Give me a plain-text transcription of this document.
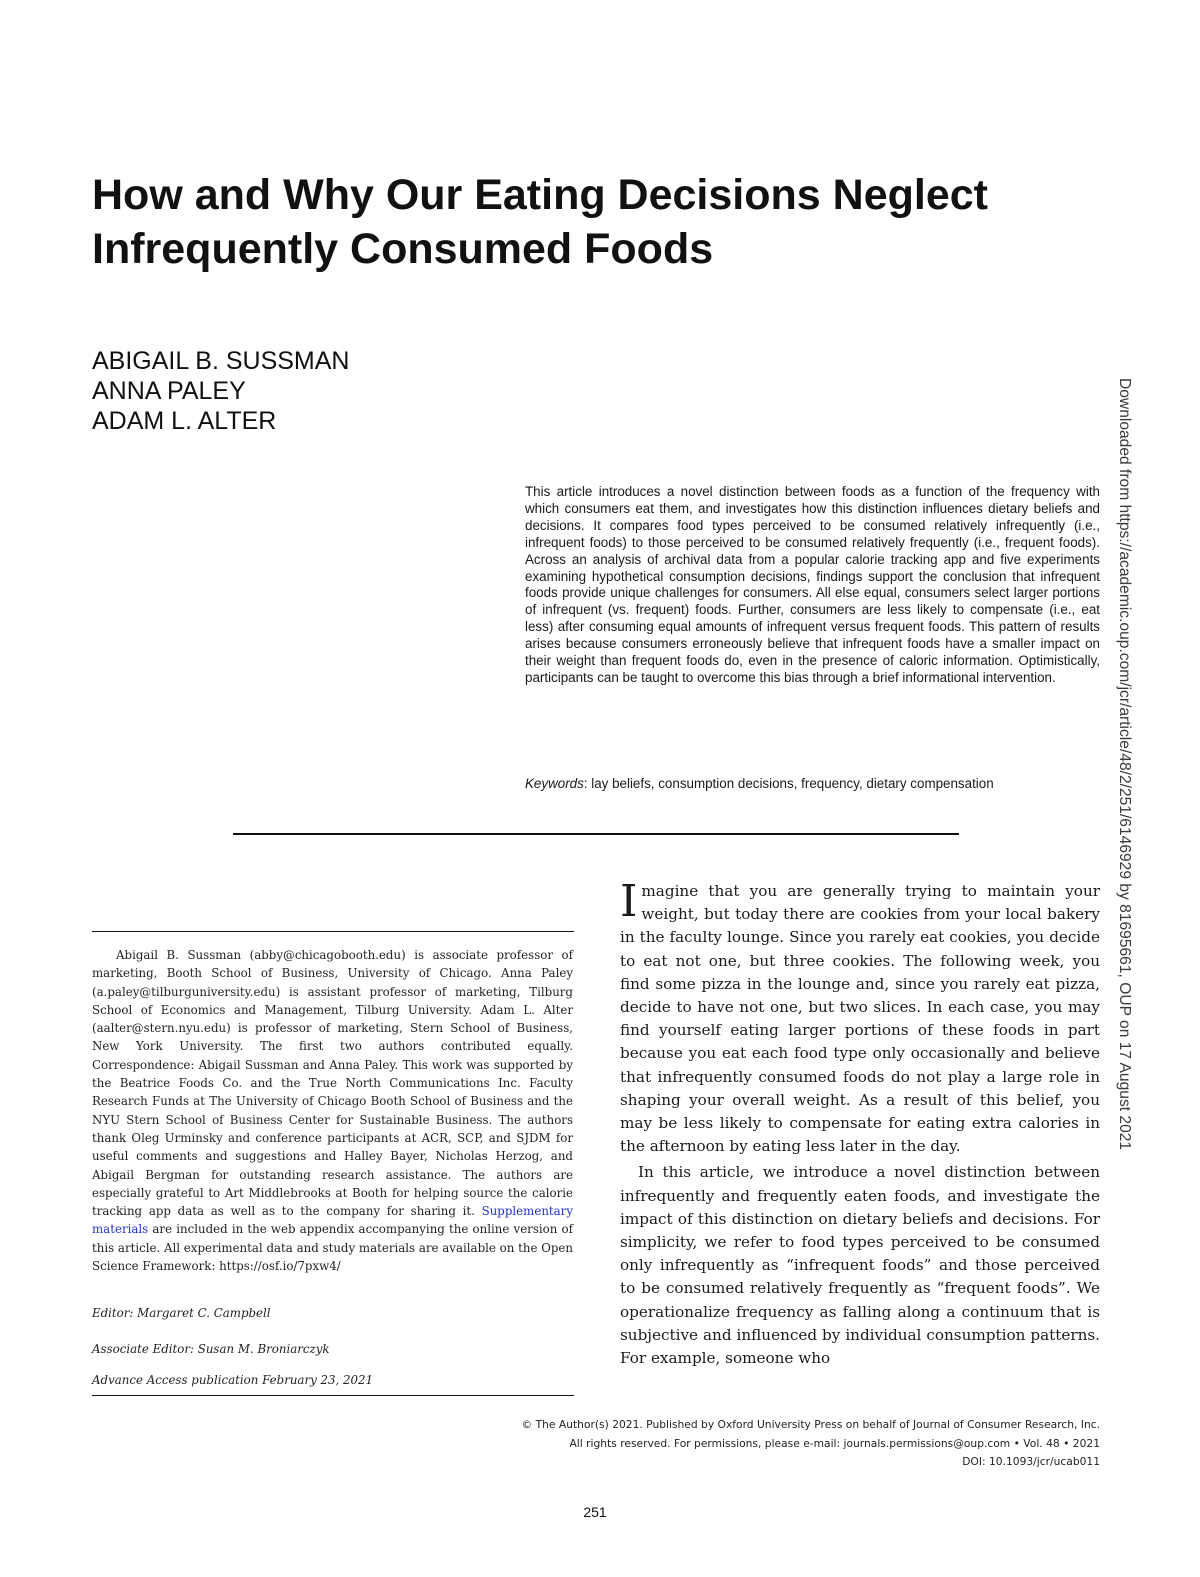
How and Why Our Eating Decisions Neglect
Infrequently Consumed Foods
ABIGAIL B. SUSSMAN
ANNA PALEY
ADAM L. ALTER

This article introduces a novel distinction between foods as a function of the frequency with which consumers eat them, and investigates how this distinction influences dietary beliefs and decisions. It compares food types perceived to be consumed relatively infrequently (i.e., infrequent foods) to those perceived to be consumed relatively frequently (i.e., frequent foods). Across an analysis of archival data from a popular calorie tracking app and five experiments examining hypothetical consumption decisions, findings support the conclusion that infrequent foods provide unique challenges for consumers. All else equal, consumers select larger portions of infrequent (vs. frequent) foods. Further, consumers are less likely to compensate (i.e., eat less) after consuming equal amounts of infrequent versus frequent foods. This pattern of results arises because consumers erroneously believe that infrequent foods have a smaller impact on their weight than frequent foods do, even in the presence of caloric information. Optimistically, participants can be taught to overcome this bias through a brief informational intervention.

Keywords: lay beliefs, consumption decisions, frequency, dietary compensation

Abigail B. Sussman (abby@chicagobooth.edu) is associate professor of marketing, Booth School of Business, University of Chicago. Anna Paley (a.paley@tilburguniversity.edu) is assistant professor of marketing, Tilburg School of Economics and Management, Tilburg University. Adam L. Alter (aalter@stern.nyu.edu) is professor of marketing, Stern School of Business, New York University. The first two authors contributed equally. Correspondence: Abigail Sussman and Anna Paley. This work was supported by the Beatrice Foods Co. and the True North Communications Inc. Faculty Research Funds at The University of Chicago Booth School of Business and the NYU Stern School of Business Center for Sustainable Business. The authors thank Oleg Urminsky and conference participants at ACR, SCP, and SJDM for useful comments and suggestions and Halley Bayer, Nicholas Herzog, and Abigail Bergman for outstanding research assistance. The authors are especially grateful to Art Middlebrooks at Booth for helping source the calorie tracking app data as well as to the company for sharing it. Supplementary materials are included in the web appendix accompanying the online version of this article. All experimental data and study materials are available on the Open Science Framework: https://osf.io/7pxw4/

Editor: Margaret C. Campbell
Associate Editor: Susan M. Broniarczyk
Advance Access publication February 23, 2021

Imagine that you are generally trying to maintain your weight, but today there are cookies from your local bakery in the faculty lounge. Since you rarely eat cookies, you decide to eat not one, but three cookies. The following week, you find some pizza in the lounge and, since you rarely eat pizza, decide to have not one, but two slices. In each case, you may find yourself eating larger portions of these foods in part because you eat each food type only occasionally and believe that infrequently consumed foods do not play a large role in shaping your overall weight. As a result of this belief, you may be less likely to compensate for eating extra calories in the afternoon by eating less later in the day.

In this article, we introduce a novel distinction between infrequently and frequently eaten foods, and investigate the impact of this distinction on dietary beliefs and decisions. For simplicity, we refer to food types perceived to be consumed only infrequently as “infrequent foods” and those perceived to be consumed relatively frequently as “frequent foods”. We operationalize frequency as falling along a continuum that is subjective and influenced by individual consumption patterns. For example, someone who

© The Author(s) 2021. Published by Oxford University Press on behalf of Journal of Consumer Research, Inc.
All rights reserved. For permissions, please e-mail: journals.permissions@oup.com • Vol. 48 • 2021
DOI: 10.1093/jcr/ucab011
251
Downloaded from https://academic.oup.com/jcr/article/48/2/251/6146929 by 81695661, OUP on 17 August 2021
